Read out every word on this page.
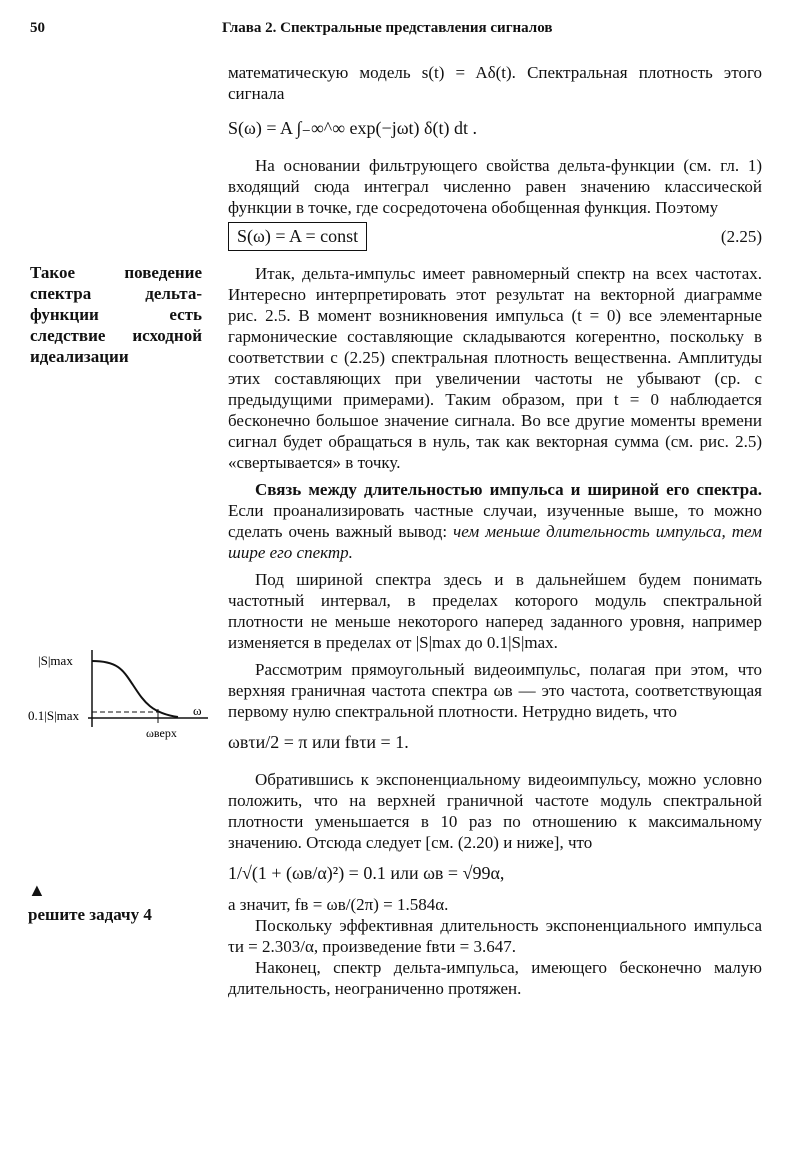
50	Глава 2. Спектральные представления сигналов
Такое поведение спектра дельта-функции есть следствие исходной идеализации
|S|max
0.1|S|max	ω
ωверх
▲
решите задачу 4

математическую модель s(t) = Aδ(t). Спектральная плотность этого сигнала

S(ω) = A ∫₋∞^∞ exp(−jωt) δ(t) dt .

На основании фильтрующего свойства дельта-функции (см. гл. 1) входящий сюда интеграл численно равен значению классической функции в точке, где сосредоточена обобщенная функция. Поэтому

S(ω) = A = const	(2.25)

Итак, дельта-импульс имеет равномерный спектр на всех частотах. Интересно интерпретировать этот результат на векторной диаграмме рис. 2.5. В момент возникновения импульса (t = 0) все элементарные гармонические составляющие складываются когерентно, поскольку в соответствии с (2.25) спектральная плотность вещественна. Амплитуды этих составляющих при увеличении частоты не убывают (ср. с предыдущими примерами). Таким образом, при t = 0 наблюдается бесконечно большое значение сигнала. Во все другие моменты времени сигнал будет обращаться в нуль, так как векторная сумма (см. рис. 2.5) «свертывается» в точку.

Связь между длительностью импульса и шириной его спектра. Если проанализировать частные случаи, изученные выше, то можно сделать очень важный вывод: чем меньше длительность импульса, тем шире его спектр.

Под шириной спектра здесь и в дальнейшем будем понимать частотный интервал, в пределах которого модуль спектральной плотности не меньше некоторого наперед заданного уровня, например изменяется в пределах от |S|max до 0.1|S|max.

Рассмотрим прямоугольный видеоимпульс, полагая при этом, что верхняя граничная частота спектра ωв — это частота, соответствующая первому нулю спектральной плотности. Нетрудно видеть, что

ωвτи/2 = π или fвτи = 1.

Обратившись к экспоненциальному видеоимпульсу, можно условно положить, что на верхней граничной частоте модуль спектральной плотности уменьшается в 10 раз по отношению к максимальному значению. Отсюда следует [см. (2.20) и ниже], что

1/√(1 + (ωв/α)²) = 0.1 или ωв = √99α,

а значит, fв = ωв/(2π) = 1.584α.

Поскольку эффективная длительность экспоненциального импульса τи = 2.303/α, произведение fвτи = 3.647.

Наконец, спектр дельта-импульса, имеющего бесконечно малую длительность, неограниченно протяжен.
